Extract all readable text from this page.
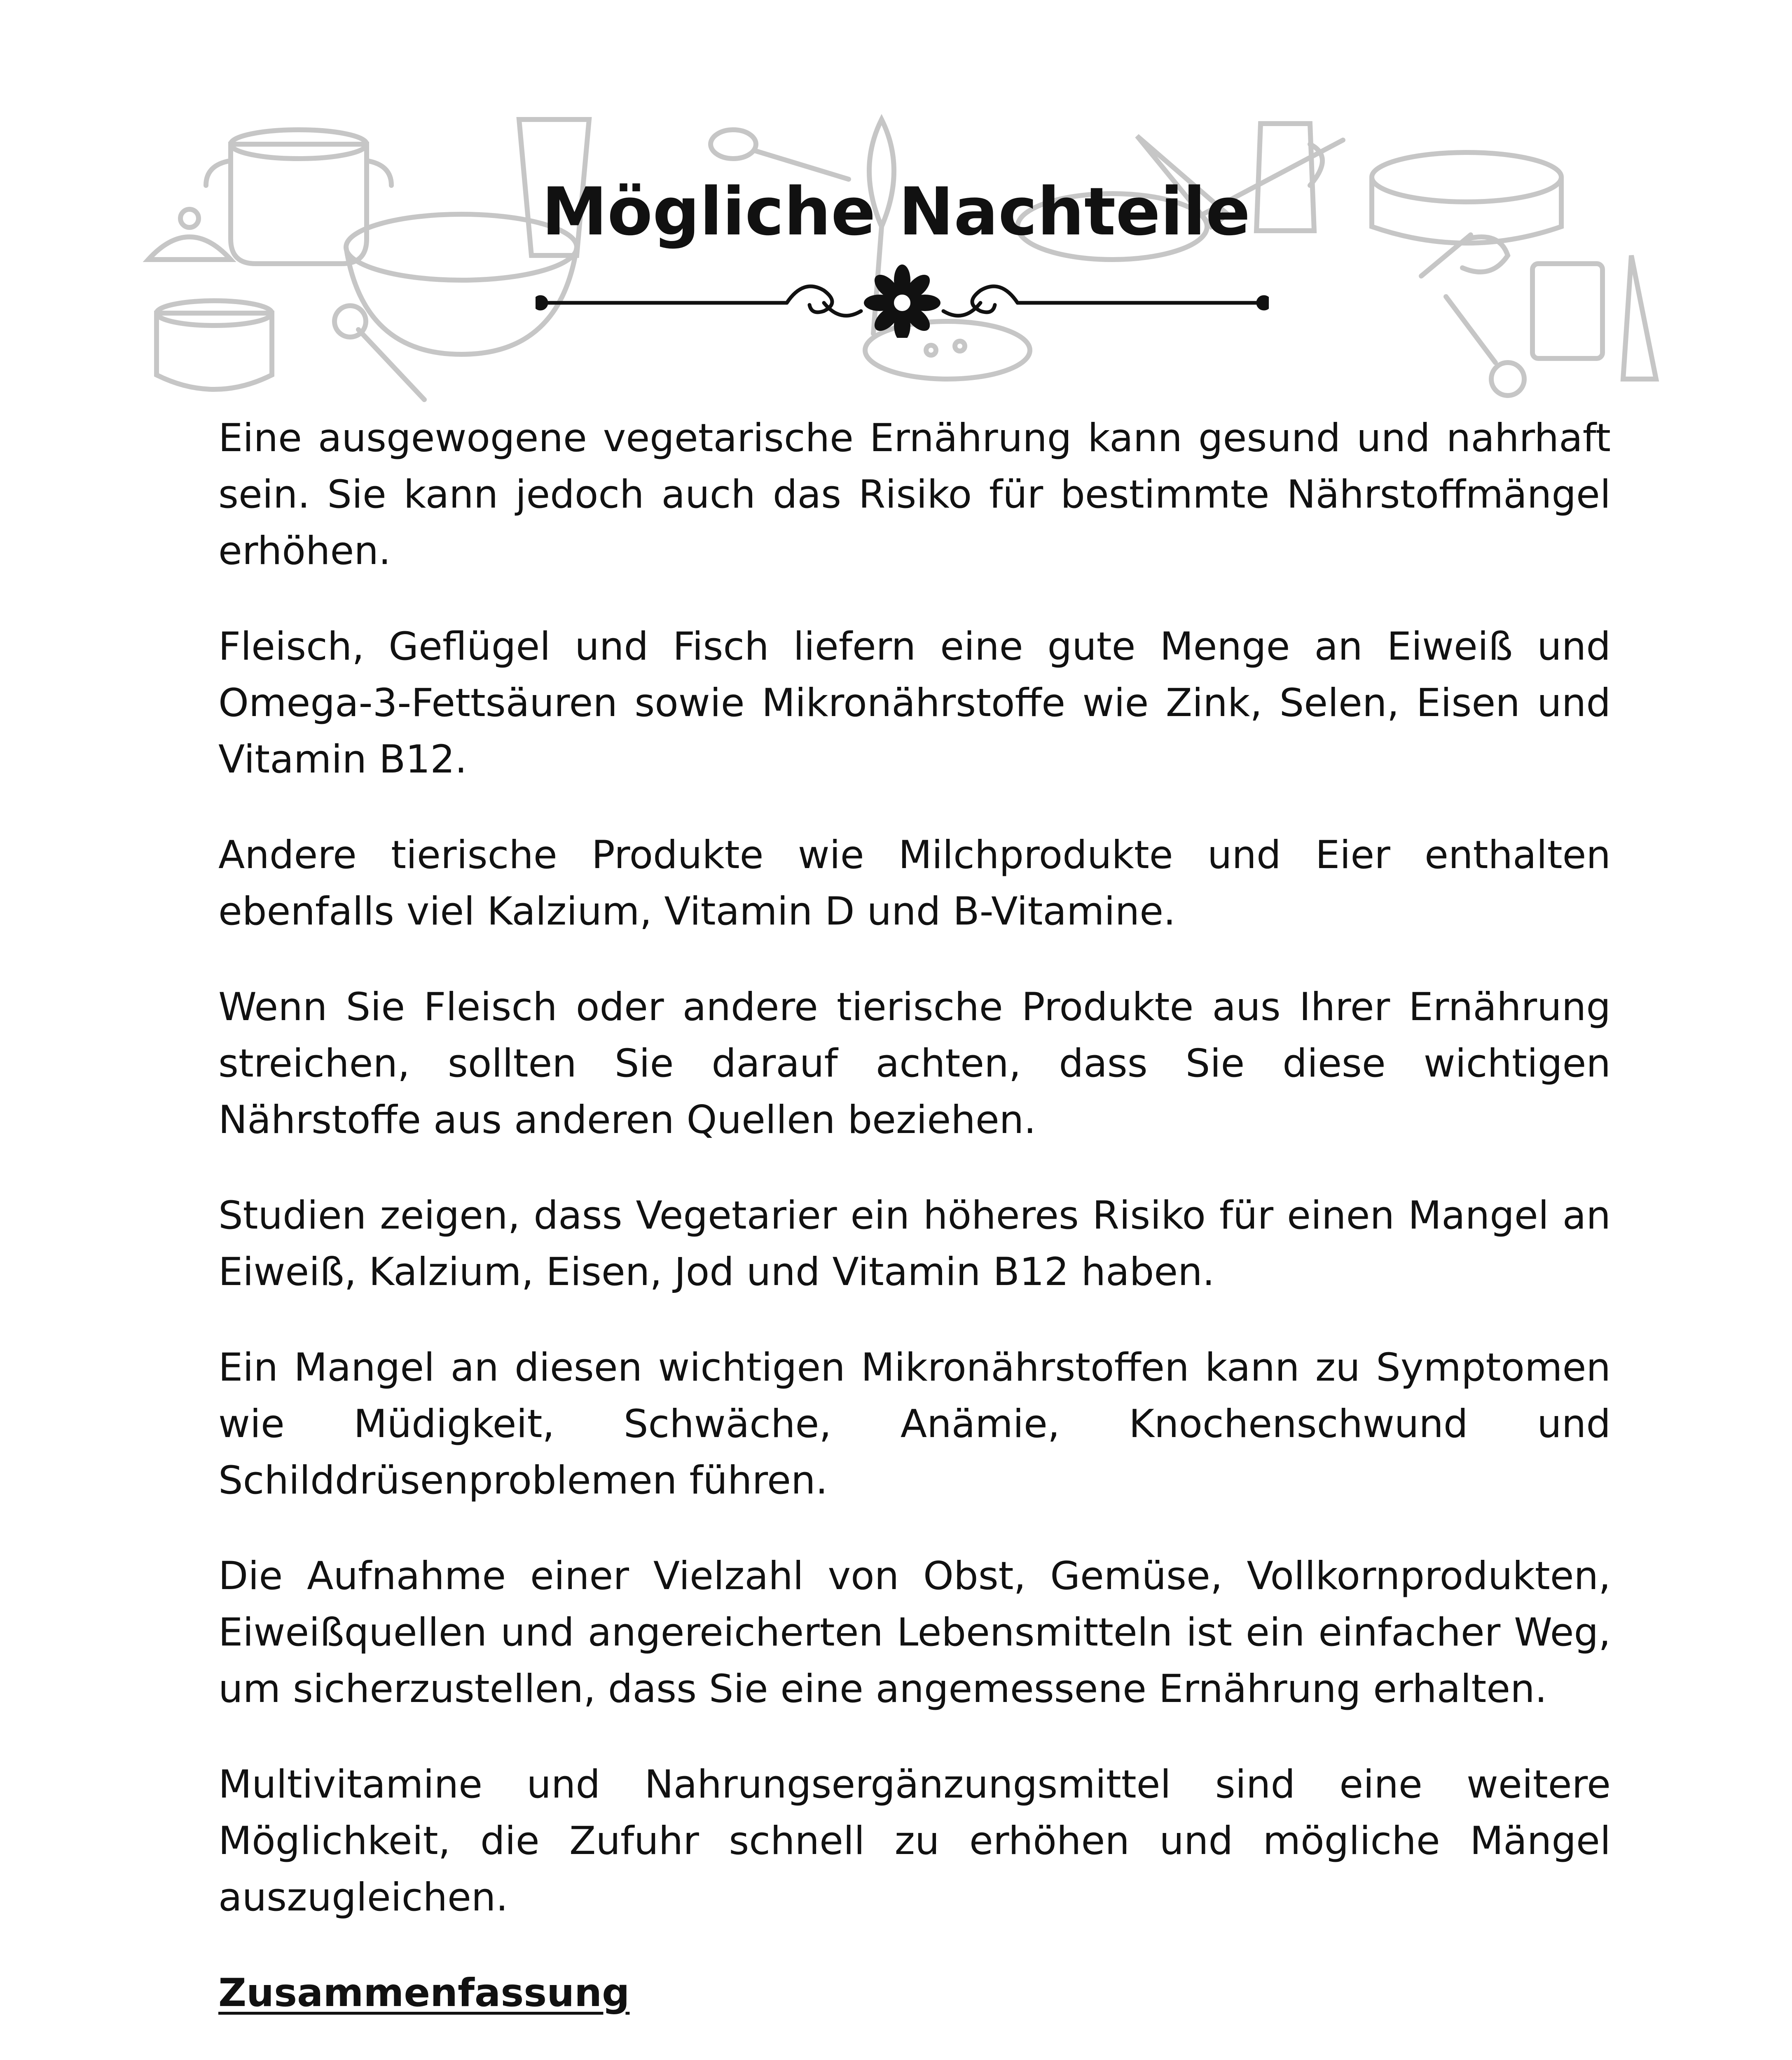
Mögliche Nachteile

Eine ausgewogene vegetarische Ernährung kann gesund und nahrhaft sein. Sie kann jedoch auch das Risiko für bestimmte Nährstoffmängel erhöhen.

Fleisch, Geflügel und Fisch liefern eine gute Menge an Eiweiß und Omega-3-Fettsäuren sowie Mikronährstoffe wie Zink, Selen, Eisen und Vitamin B12.

Andere tierische Produkte wie Milchprodukte und Eier enthalten ebenfalls viel Kalzium, Vitamin D und B-Vitamine.

Wenn Sie Fleisch oder andere tierische Produkte aus Ihrer Ernährung streichen, sollten Sie darauf achten, dass Sie diese wichtigen Nährstoffe aus anderen Quellen beziehen.

Studien zeigen, dass Vegetarier ein höheres Risiko für einen Mangel an Eiweiß, Kalzium, Eisen, Jod und Vitamin B12 haben.

Ein Mangel an diesen wichtigen Mikronährstoffen kann zu Symptomen wie Müdigkeit, Schwäche, Anämie, Knochenschwund und Schilddrüsenproblemen führen.

Die Aufnahme einer Vielzahl von Obst, Gemüse, Vollkornprodukten, Eiweißquellen und angereicherten Lebensmitteln ist ein einfacher Weg, um sicherzustellen, dass Sie eine angemessene Ernährung erhalten.

Multivitamine und Nahrungsergänzungsmittel sind eine weitere Möglichkeit, die Zufuhr schnell zu erhöhen und mögliche Mängel auszugleichen.

Zusammenfassung
